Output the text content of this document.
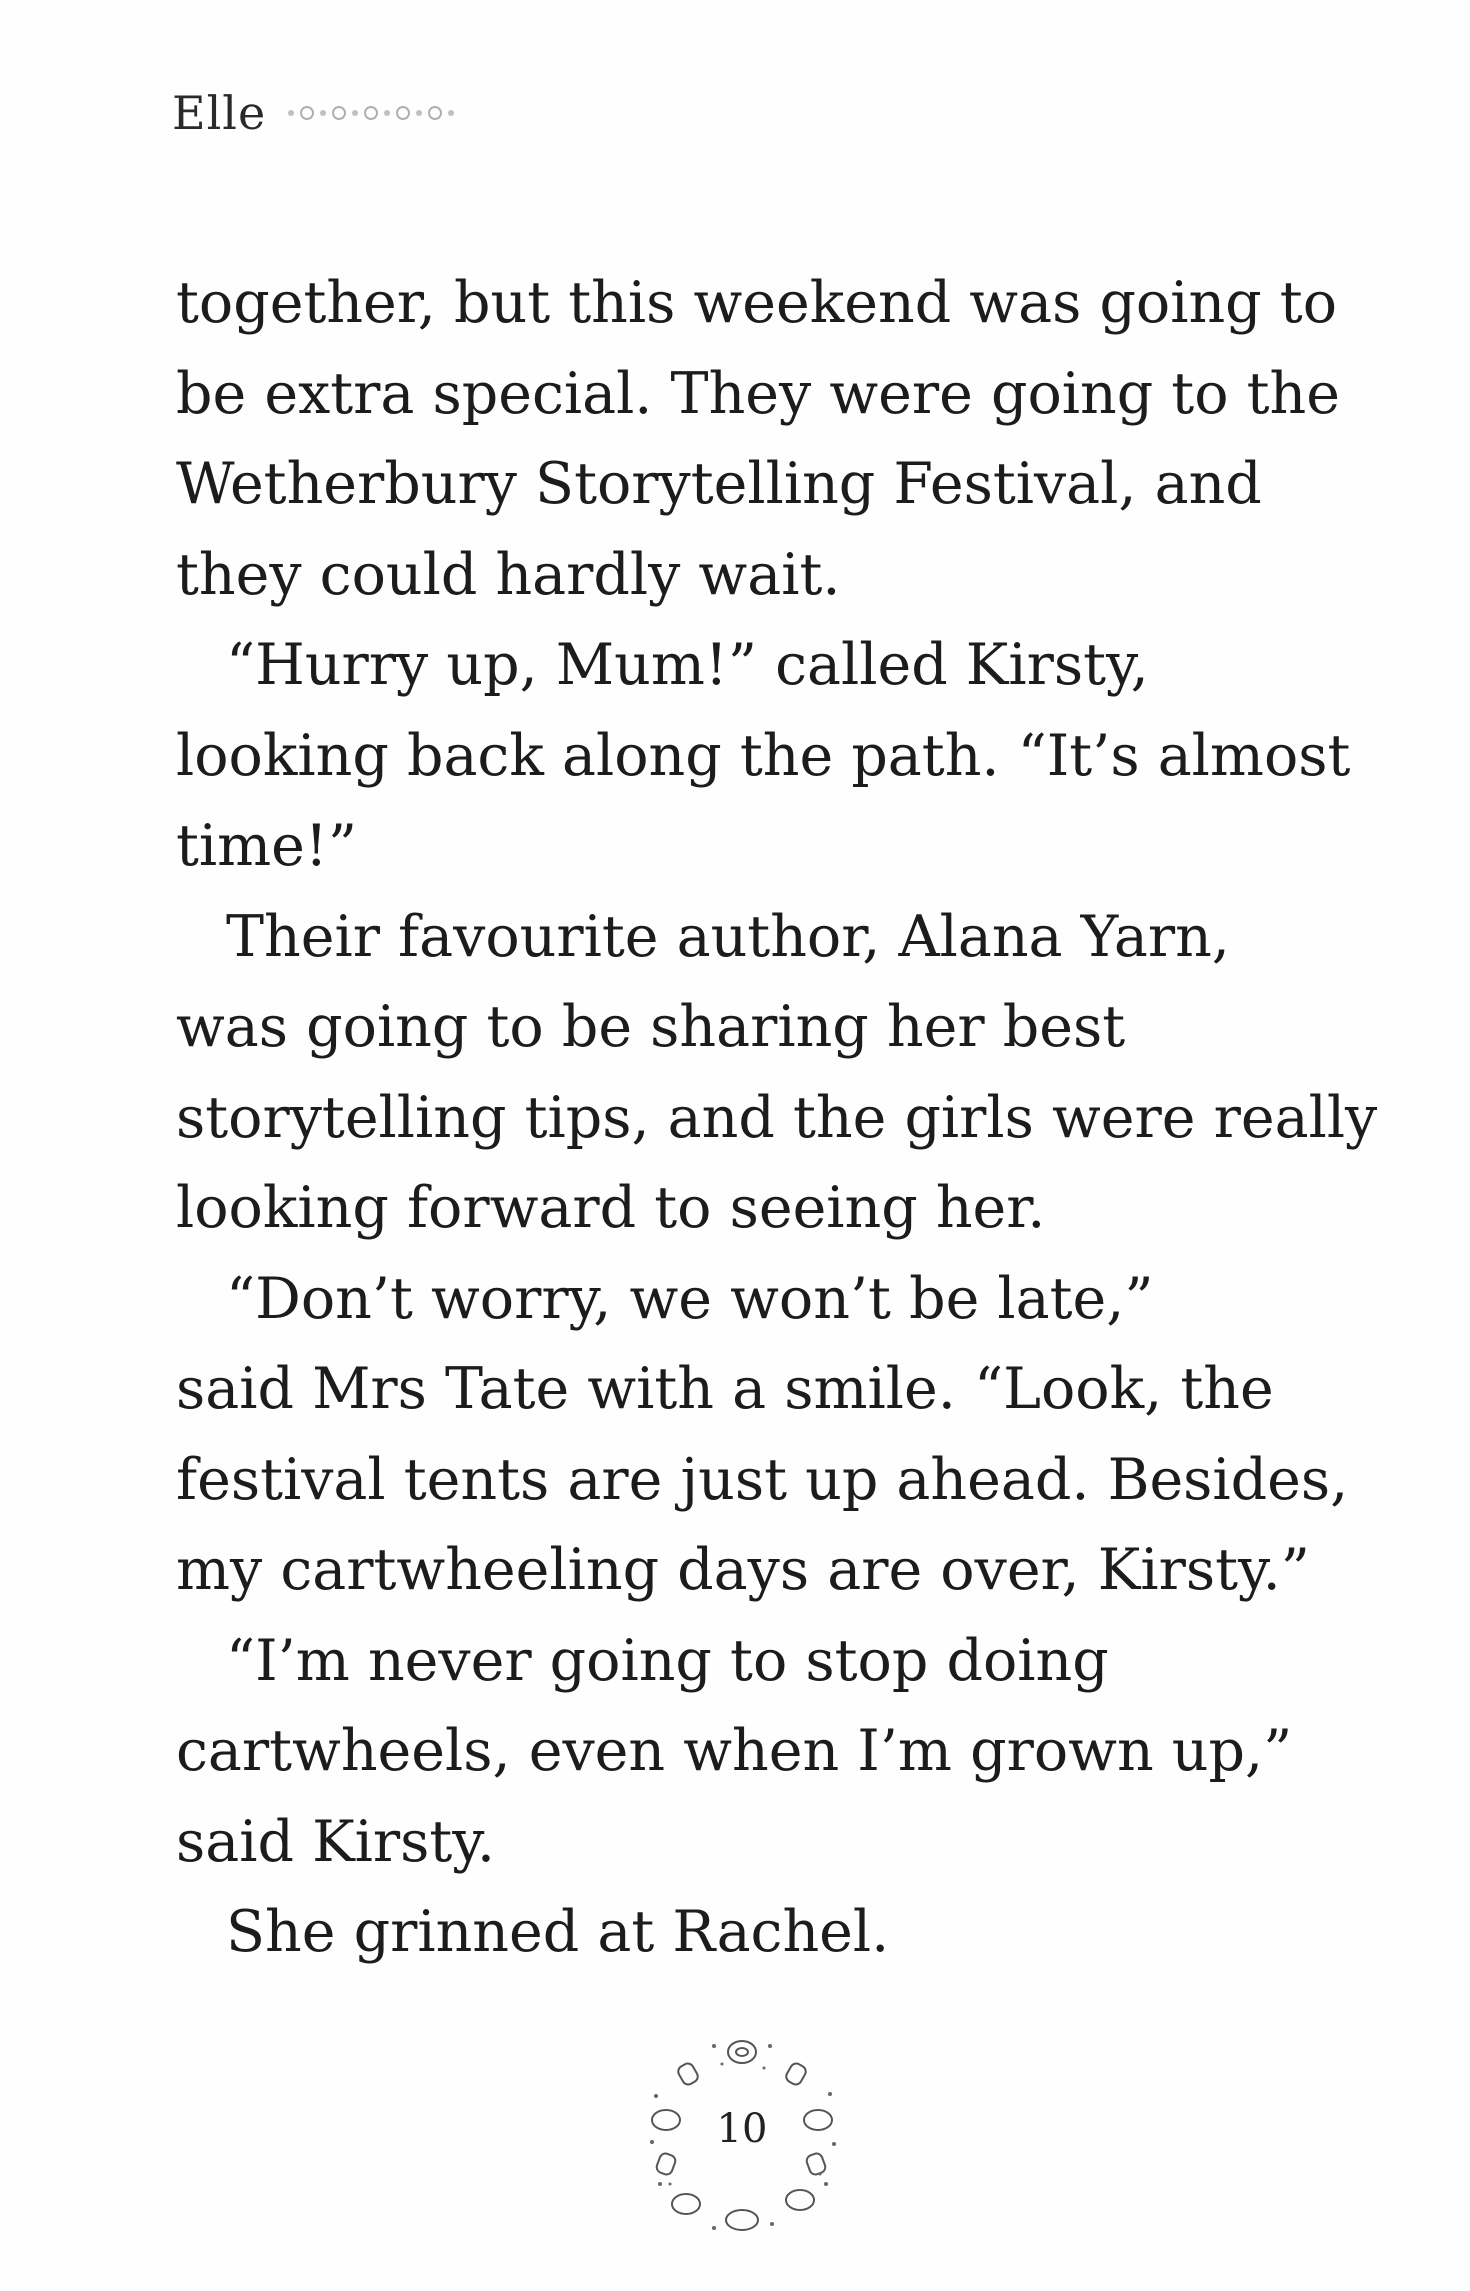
Elle
together, but this weekend was going to
be extra special. They were going to the
Wetherbury Storytelling Festival, and
they could hardly wait.
“Hurry up, Mum!” called Kirsty,
looking back along the path. “It’s almost
time!”
Their favourite author, Alana Yarn,
was going to be sharing her best
storytelling tips, and the girls were really
looking forward to seeing her.
“Don’t worry, we won’t be late,”
said Mrs Tate with a smile. “Look, the
festival tents are just up ahead. Besides,
my cartwheeling days are over, Kirsty.”
“I’m never going to stop doing
cartwheels, even when I’m grown up,”
said Kirsty.
She grinned at Rachel.
10
